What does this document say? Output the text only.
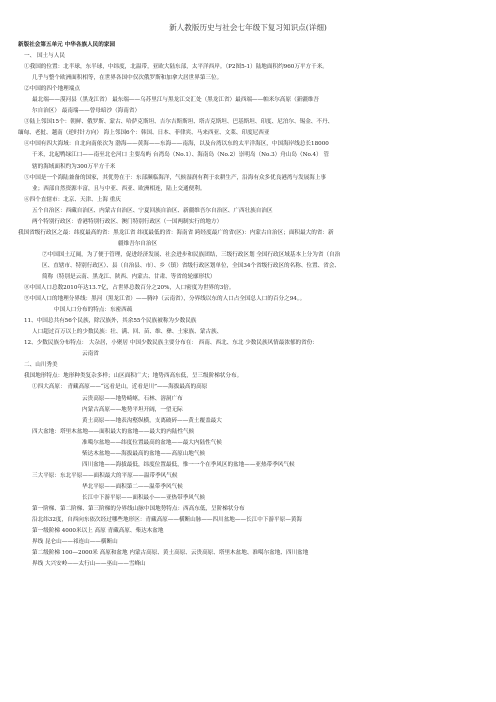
新人教版历史与社会七年级下复习知识点(详细)
新版社会第五单元 中华各族人民的家园
一、 国土与人民
①我国的位置：北半球，东半球，中纬度，北温带，亚欧大陆东部，太平洋西岸。（P2图5-1）陆地面积约960万平方千米。
几乎与整个欧洲面积相等，在世界各国中仅次俄罗斯和加拿大居世界第三位。
②中国的四个地理端点
最北端——漠河县（黑龙江省） 最东端——乌苏里江与黑龙江交汇处（黑龙江省）最西端——帕米尔高原（新疆维吾
尔自治区） 最南端——曾母暗沙（海南省）
③陆上邻国15个：朝鲜、俄罗斯、蒙古、哈萨克斯坦、吉尔吉斯斯坦、塔吉克斯坦、巴基斯坦、印度、尼泊尔、锡金、不丹、
缅甸、老挝、越南（逆时针方向） 海上邻国6个：韩国、日本、菲律宾、马来西亚、文莱、印度尼西亚
④中国有四大海域：自北向南依次为 渤海——黄海——东海——南海，以及台湾以东的太平洋海区，中国海岸线总长18000
千米，北起鸭绿江口——南至北仑河口 主要岛屿 台湾岛（No.1）、海南岛（No.2）崇明岛（No.3）舟山岛（No.4） 管
辖的海域面积约为300万平方千米
⑤中国是一个海陆兼备的国家，其优势在于：东部濒临海洋，气候湿润有利于农耕生产，沿海有众多优良港湾与发展海上事
业；西部自然资源丰富，且与中亚、西亚、欧洲相连，陆上交通便利。
⑥四个直辖市：北京、天津、上海 重庆
五个自治区：西藏自治区、内蒙古自治区、宁夏回族自治区、新疆维吾尔自治区、广西壮族自治区
两个特别行政区：香港特别行政区、澳门特别行政区（一国两制实行的地方）
我国省级行政区之最：纬度最高的省：黑龙江省 纬度最低的省：海南省 跨经度最广的省(区)：内蒙古自治区；面积最大的省：新
疆维吾尔自治区
⑦中国国土辽阔，为了便于管理，促进经济发展、社会进步和民族团结，三级行政区划 全国行政区域基本上分为省（自治
区、直辖市、特别行政区）、县（自治县、市）、乡（镇）省级行政区划单位，全国34个省级行政区的名称、位置、省会、
简称（特别是云南、黑龙江、陕西、内蒙古、甘肃、等省的轮廓形状）
⑧中国人口总数2010年达13.7亿，占世界总数百分之20%，人口密度为世界的3倍。
⑨中国人口的地理分界线：黑河（黑龙江省）——腾冲（云南省），分界线以东的人口占全国总人口的百分之94。。
中国人口分布的特点：东密西疏
11、中国总共有56个民族，除汉族外，其余55个民族被称为少数民族
人口超过百万以上的少数民族：壮、满、回、苗、维、彝、土家族、蒙古族、
12、少数民族分布特点： 大杂居，小聚居 中国少数民族主要分布在： 西南、西北、东北 少数民族风情最浓郁的省份：
云南省
二、山川秀美
我国地形特点：地形种类复杂多样；山区面积广大；地势西高东低，呈三级阶梯状分布。
①四大高原： 青藏高原——“远看是山，近看是川”——海拔最高的高原
云贵高原——地势崎岖，石林、溶洞广布
内蒙古高原——地势平坦开阔，一望无际
黄土高原——地表沟壑纵横，支离破碎——黄土覆盖最大
四大盆地：塔里木盆地——面积最大的盆地——最大的内陆性气候
准噶尔盆地——纬度位置最高的盆地——最大内陆性气候
柴达木盆地——海拔最高的盆地——高原山地气候
四川盆地——海拔最低，纬度位置最低，惟一一个在季风区的盆地——亚热带季风气候
三大平原：东北平原——面积最大的平原——温带季风气候
华北平原——面积第二——温带季风气候
长江中下游平原——面积最小——亚热带季风气候
第一阶梯、第二阶梯、第三阶梯的分界线山脉中国地势特点：西高东低，呈阶梯状分布
沿北纬32度，自西向东依次经过哪些地形区：青藏高原——横断山脉——四川盆地——长江中下游平原—黄海
第一级阶梯 4000米以上 高原 青藏高原、柴达木盆地
界线 昆仑山——祁连山——横断山
第二级阶梯 100—2000米 高原和盆地 内蒙古高原、黄土高原、云贵高原、塔里木盆地、准噶尔盆地、四川盆地
界线 大兴安岭——太行山——巫山——雪峰山
